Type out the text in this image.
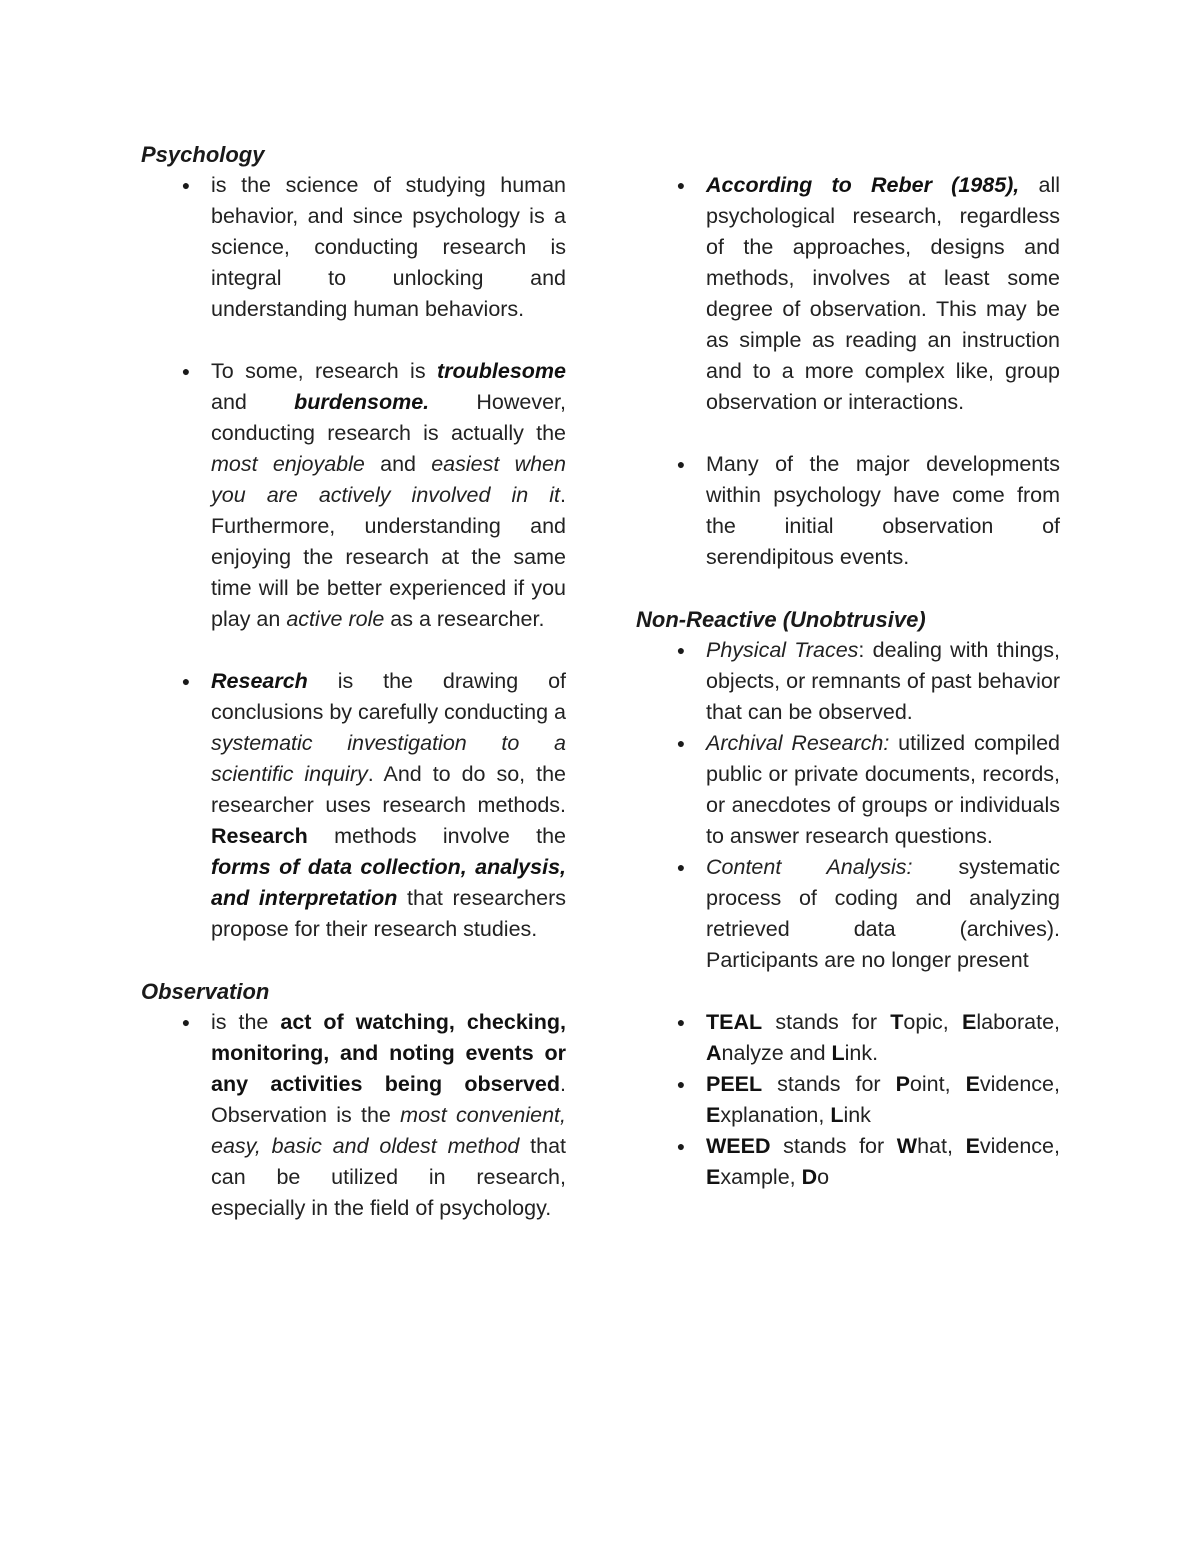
Psychology
● is the science of studying human behavior, and since psychology is a science, conducting research is integral to unlocking and understanding human behaviors.
● To some, research is troublesome and burdensome. However, conducting research is actually the most enjoyable and easiest when you are actively involved in it. Furthermore, understanding and enjoying the research at the same time will be better experienced if you play an active role as a researcher.
● Research is the drawing of conclusions by carefully conducting a systematic investigation to a scientific inquiry. And to do so, the researcher uses research methods. Research methods involve the forms of data collection, analysis, and interpretation that researchers propose for their research studies.
Observation
● is the act of watching, checking, monitoring, and noting events or any activities being observed. Observation is the most convenient, easy, basic and oldest method that can be utilized in research, especially in the field of psychology.
● According to Reber (1985), all psychological research, regardless of the approaches, designs and methods, involves at least some degree of observation. This may be as simple as reading an instruction and to a more complex like, group observation or interactions.
● Many of the major developments within psychology have come from the initial observation of serendipitous events.
Non-Reactive (Unobtrusive)
● Physical Traces: dealing with things, objects, or remnants of past behavior that can be observed.
● Archival Research: utilized compiled public or private documents, records, or anecdotes of groups or individuals to answer research questions.
● Content Analysis: systematic process of coding and analyzing retrieved data (archives). Participants are no longer present
● TEAL stands for Topic, Elaborate, Analyze and Link.
● PEEL stands for Point, Evidence, Explanation, Link
● WEED stands for What, Evidence, Example, Do
